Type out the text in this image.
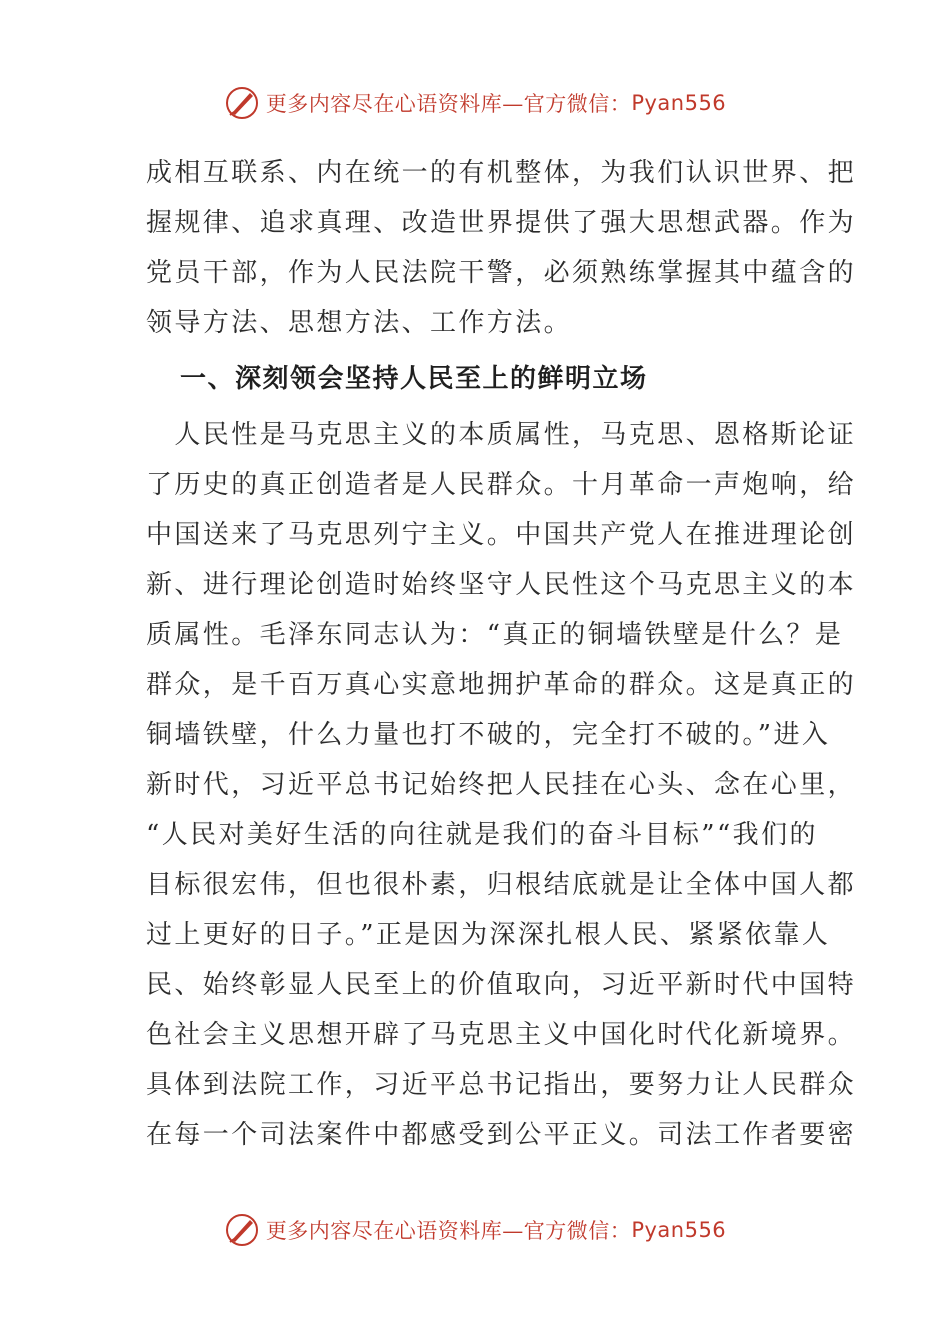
更多内容尽在心语资料库—官方微信： Pyan556
成相互联系、内在统一的有机整体，为我们认识世界、把
握规律、追求真理、改造世界提供了强大思想武器。作为
党员干部，作为人民法院干警，必须熟练掌握其中蕴含的
领导方法、思想方法、工作方法。
一、深刻领会坚持人民至上的鲜明立场
　人民性是马克思主义的本质属性，马克思、恩格斯论证
了历史的真正创造者是人民群众。十月革命一声炮响，给
中国送来了马克思列宁主义。中国共产党人在推进理论创
新、进行理论创造时始终坚守人民性这个马克思主义的本
质属性。毛泽东同志认为：“真正的铜墙铁壁是什么？是
群众，是千百万真心实意地拥护革命的群众。这是真正的
铜墙铁壁，什么力量也打不破的，完全打不破的。”进入
新时代，习近平总书记始终把人民挂在心头、念在心里，
“人民对美好生活的向往就是我们的奋斗目标”“我们的
目标很宏伟，但也很朴素，归根结底就是让全体中国人都
过上更好的日子。”正是因为深深扎根人民、紧紧依靠人
民、始终彰显人民至上的价值取向，习近平新时代中国特
色社会主义思想开辟了马克思主义中国化时代化新境界。
具体到法院工作，习近平总书记指出，要努力让人民群众
在每一个司法案件中都感受到公平正义。司法工作者要密
更多内容尽在心语资料库—官方微信： Pyan556
